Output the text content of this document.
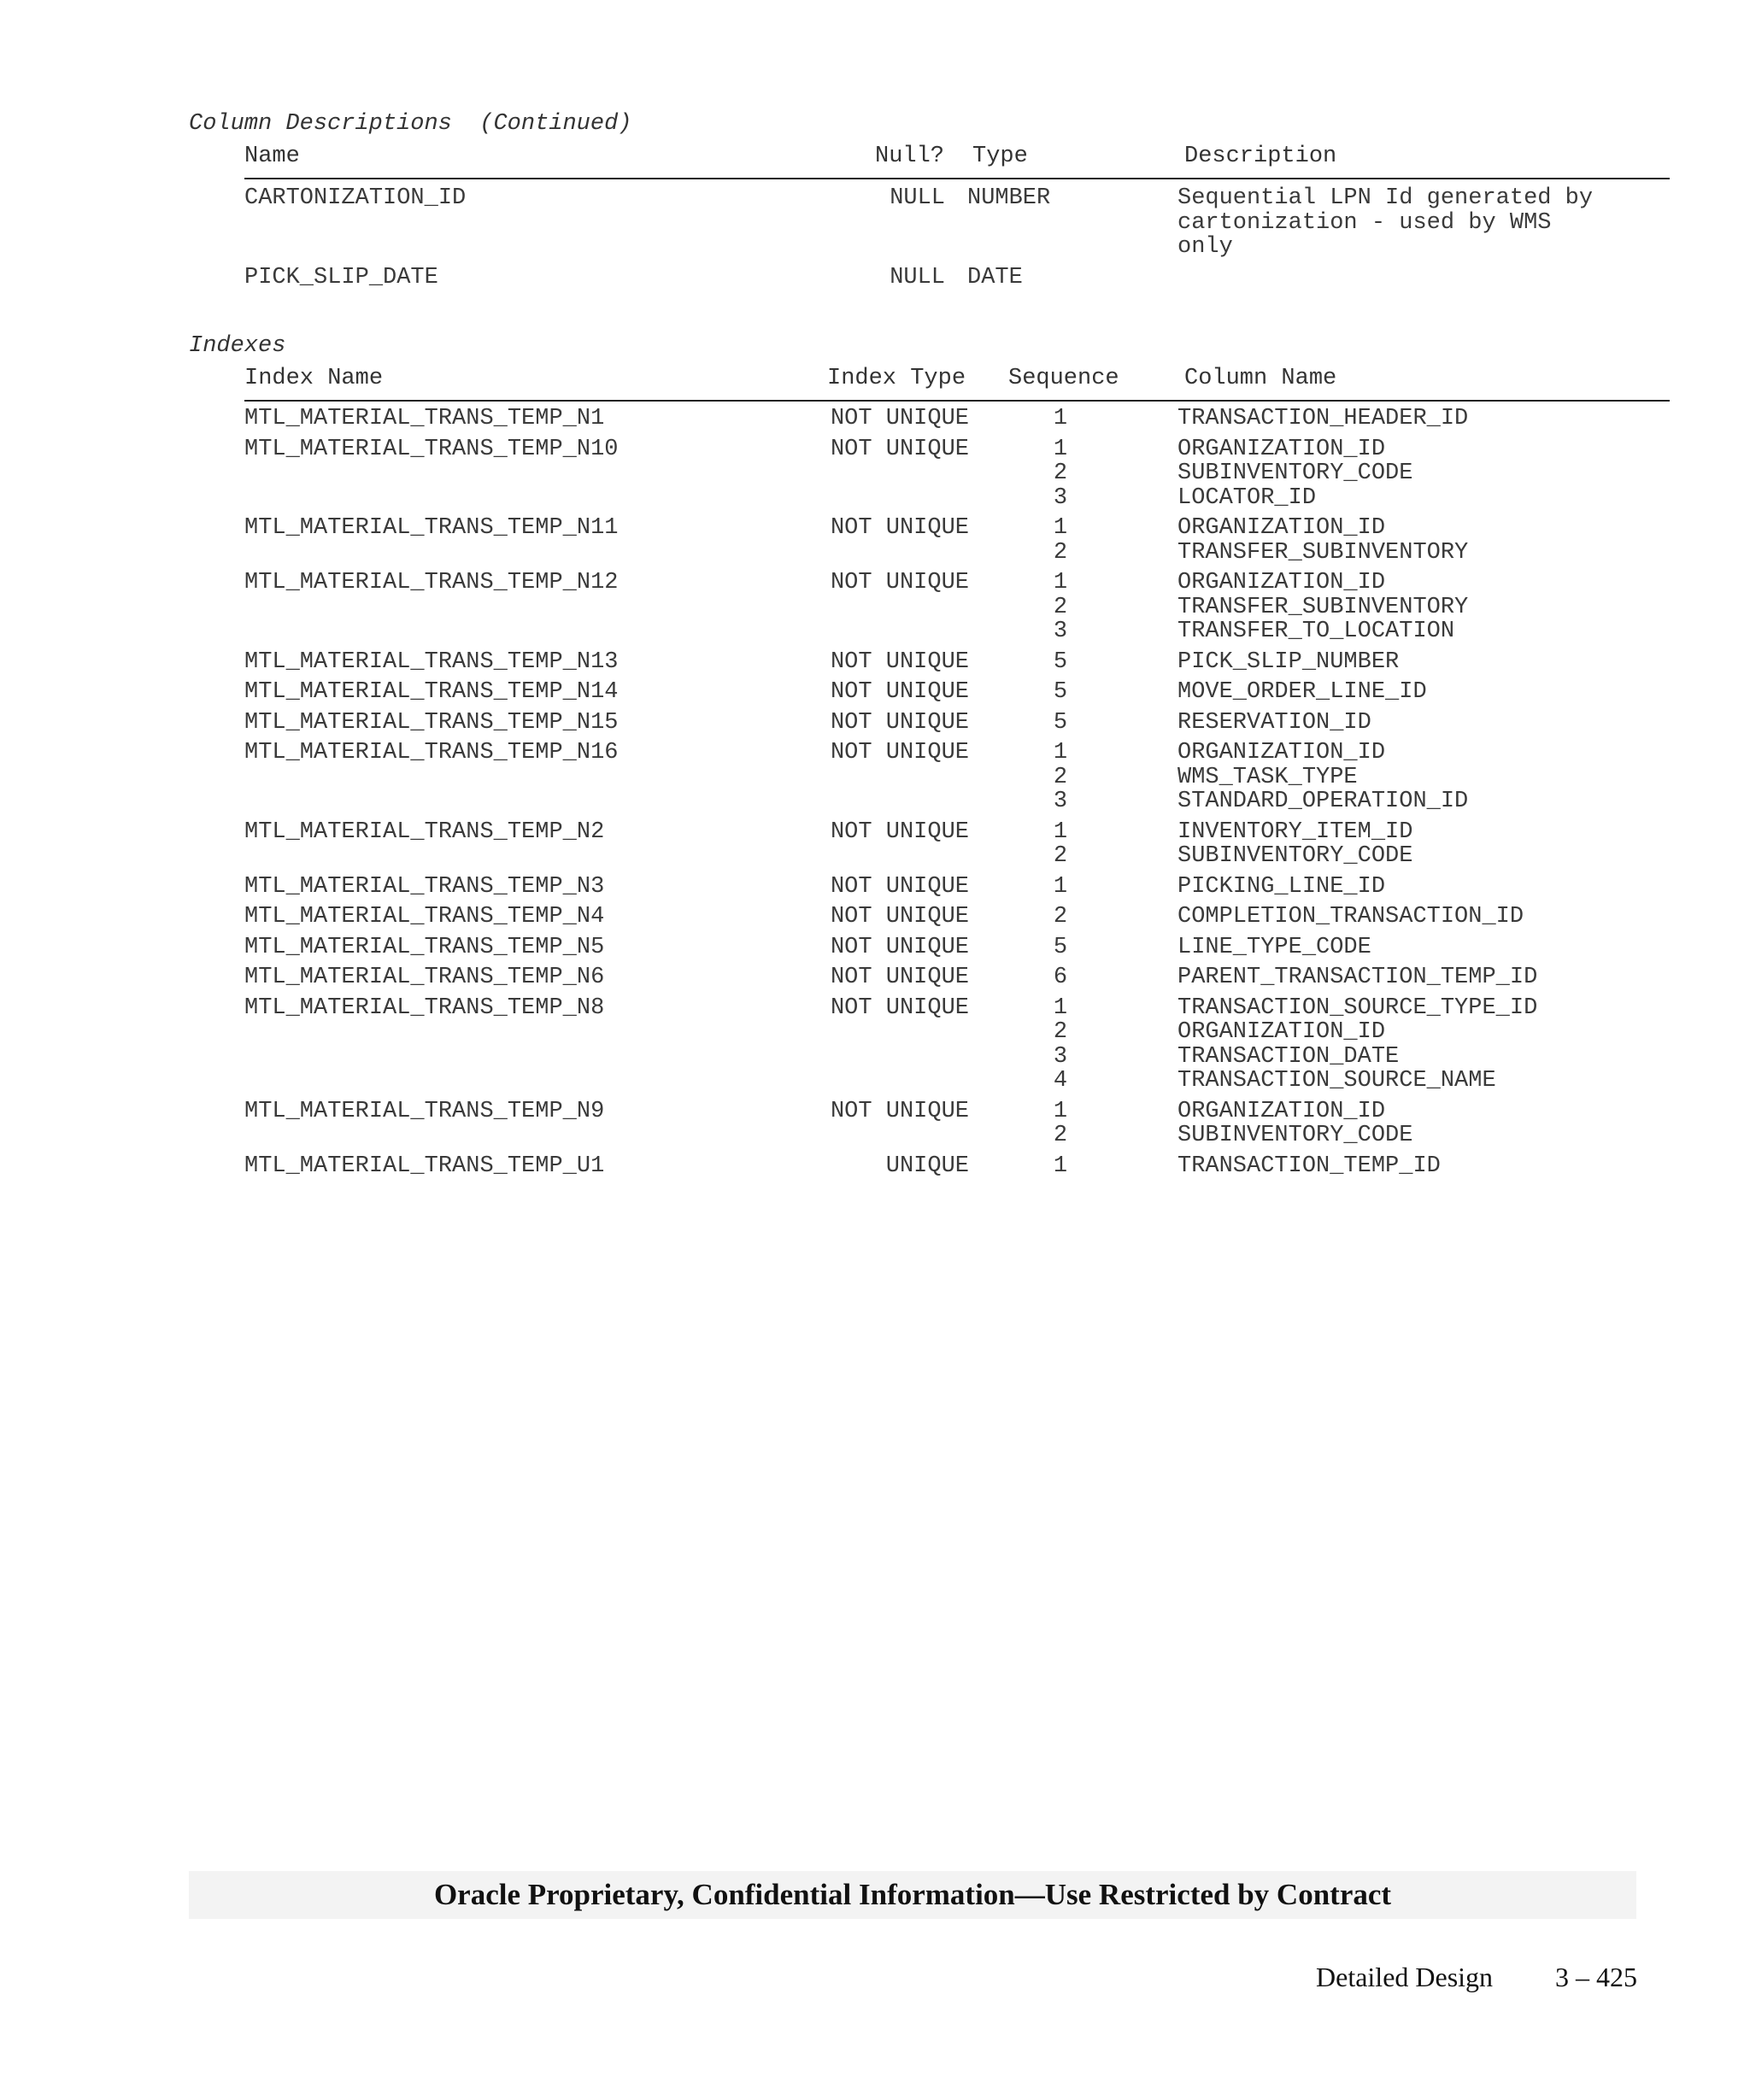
Column Descriptions (Continued)
Name	Null? Type	Description
CARTONIZATION_ID	NULL NUMBER	Sequential LPN Id generated by
cartonization - used by WMS
only
PICK_SLIP_DATE	NULL DATE
Indexes
Index Name	Index Type Sequence	Column Name
MTL_MATERIAL_TRANS_TEMP_N1	NOT UNIQUE	1	TRANSACTION_HEADER_ID
MTL_MATERIAL_TRANS_TEMP_N10	NOT UNIQUE	1	ORGANIZATION_ID
2	SUBINVENTORY_CODE
3	LOCATOR_ID
MTL_MATERIAL_TRANS_TEMP_N11	NOT UNIQUE	1	ORGANIZATION_ID
2	TRANSFER_SUBINVENTORY
MTL_MATERIAL_TRANS_TEMP_N12	NOT UNIQUE	1	ORGANIZATION_ID
2	TRANSFER_SUBINVENTORY
3	TRANSFER_TO_LOCATION
MTL_MATERIAL_TRANS_TEMP_N13	NOT UNIQUE	5	PICK_SLIP_NUMBER
MTL_MATERIAL_TRANS_TEMP_N14	NOT UNIQUE	5	MOVE_ORDER_LINE_ID
MTL_MATERIAL_TRANS_TEMP_N15	NOT UNIQUE	5	RESERVATION_ID
MTL_MATERIAL_TRANS_TEMP_N16	NOT UNIQUE	1	ORGANIZATION_ID
2	WMS_TASK_TYPE
3	STANDARD_OPERATION_ID
MTL_MATERIAL_TRANS_TEMP_N2	NOT UNIQUE	1	INVENTORY_ITEM_ID
2	SUBINVENTORY_CODE
MTL_MATERIAL_TRANS_TEMP_N3	NOT UNIQUE	1	PICKING_LINE_ID
MTL_MATERIAL_TRANS_TEMP_N4	NOT UNIQUE	2	COMPLETION_TRANSACTION_ID
MTL_MATERIAL_TRANS_TEMP_N5	NOT UNIQUE	5	LINE_TYPE_CODE
MTL_MATERIAL_TRANS_TEMP_N6	NOT UNIQUE	6	PARENT_TRANSACTION_TEMP_ID
MTL_MATERIAL_TRANS_TEMP_N8	NOT UNIQUE	1	TRANSACTION_SOURCE_TYPE_ID
2	ORGANIZATION_ID
3	TRANSACTION_DATE
4	TRANSACTION_SOURCE_NAME
MTL_MATERIAL_TRANS_TEMP_N9	NOT UNIQUE	1	ORGANIZATION_ID
2	SUBINVENTORY_CODE
MTL_MATERIAL_TRANS_TEMP_U1	UNIQUE	1	TRANSACTION_TEMP_ID
Oracle Proprietary, Confidential Information––Use Restricted by Contract
Detailed Design 3 – 425
